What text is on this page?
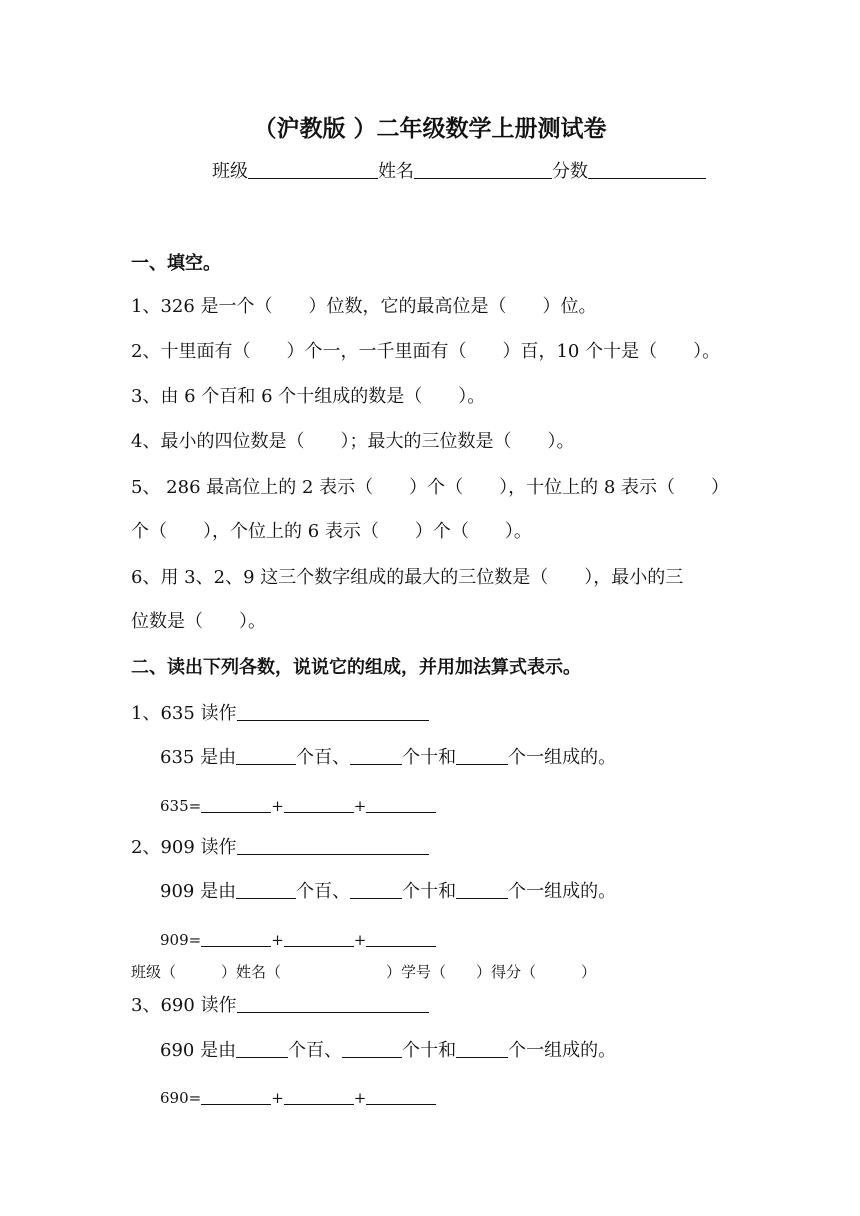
（沪教版 ）二年级数学上册测试卷
班级	姓名	分数
一、填空。
1、326 是一个（　　）位数，它的最高位是（　　）位。
2、十里面有（　　）个一，一千里面有（　　）百，10 个十是（　　）。
3、由 6 个百和 6 个十组成的数是（　　）。
4、最小的四位数是（　　）；最大的三位数是（　　）。
5、 286 最高位上的 2 表示（　　）个（　　），十位上的 8 表示（　　）
个（　　），个位上的 6 表示（　　）个（　　）。
6、用 3、2、9 这三个数字组成的最大的三位数是（　　），最小的三
位数是（　　）。
二、读出下列各数，说说它的组成，并用加法算式表示。
1、635 读作
635 是由	个百、	个十和	个一组成的。
635=	+	+
2、909 读作
909 是由	个百、	个十和	个一组成的。
909=	+	+
班级（　　　）姓名（　　　　　　　）学号（　　）得分（　　　）
3、690 读作
690 是由	个百、	个十和	个一组成的。
690=	+	+
